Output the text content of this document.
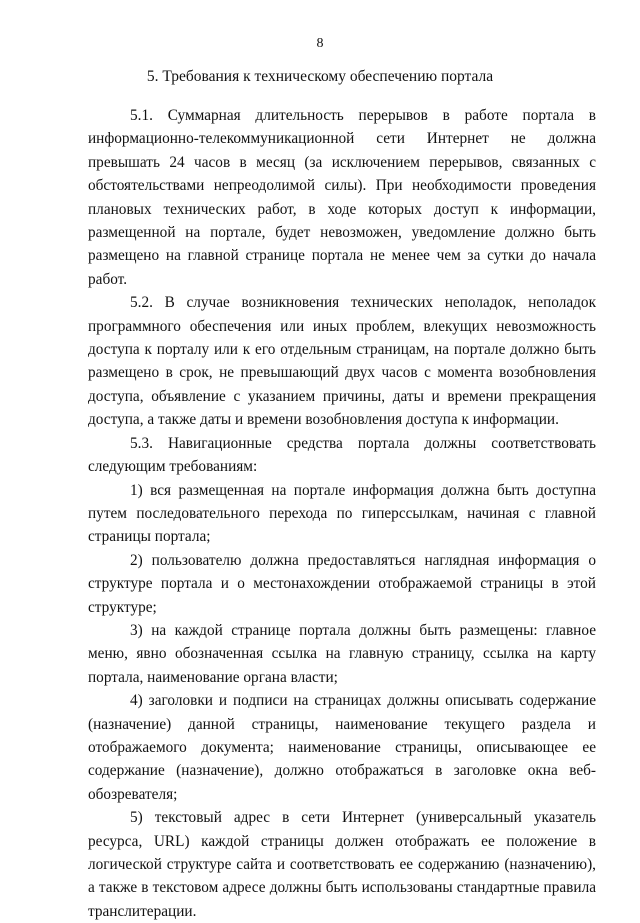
8
5. Требования к техническому обеспечению портала

5.1. Суммарная длительность перерывов в работе портала в информационно-телекоммуникационной сети Интернет не должна превышать 24 часов в месяц (за исключением перерывов, связанных с обстоятельствами непреодолимой силы). При необходимости проведения плановых технических работ, в ходе которых доступ к информации, размещенной на портале, будет невозможен, уведомление должно быть размещено на главной странице портала не менее чем за сутки до начала работ.

5.2. В случае возникновения технических неполадок, неполадок программного обеспечения или иных проблем, влекущих невозможность доступа к порталу или к его отдельным страницам, на портале должно быть размещено в срок, не превышающий двух часов с момента возобновления доступа, объявление с указанием причины, даты и времени прекращения доступа, а также даты и времени возобновления доступа к информации.

5.3. Навигационные средства портала должны соответствовать следующим требованиям:

1) вся размещенная на портале информация должна быть доступна путем последовательного перехода по гиперссылкам, начиная с главной страницы портала;

2) пользователю должна предоставляться наглядная информация о структуре портала и о местонахождении отображаемой страницы в этой структуре;

3) на каждой странице портала должны быть размещены: главное меню, явно обозначенная ссылка на главную страницу, ссылка на карту портала, наименование органа власти;

4) заголовки и подписи на страницах должны описывать содержание (назначение) данной страницы, наименование текущего раздела и отображаемого документа; наименование страницы, описывающее ее содержание (назначение), должно отображаться в заголовке окна веб-обозревателя;

5) текстовый адрес в сети Интернет (универсальный указатель ресурса, URL) каждой страницы должен отображать ее положение в логической структуре сайта и соответствовать ее содержанию (назначению), а также в текстовом адресе должны быть использованы стандартные правила транслитерации.
